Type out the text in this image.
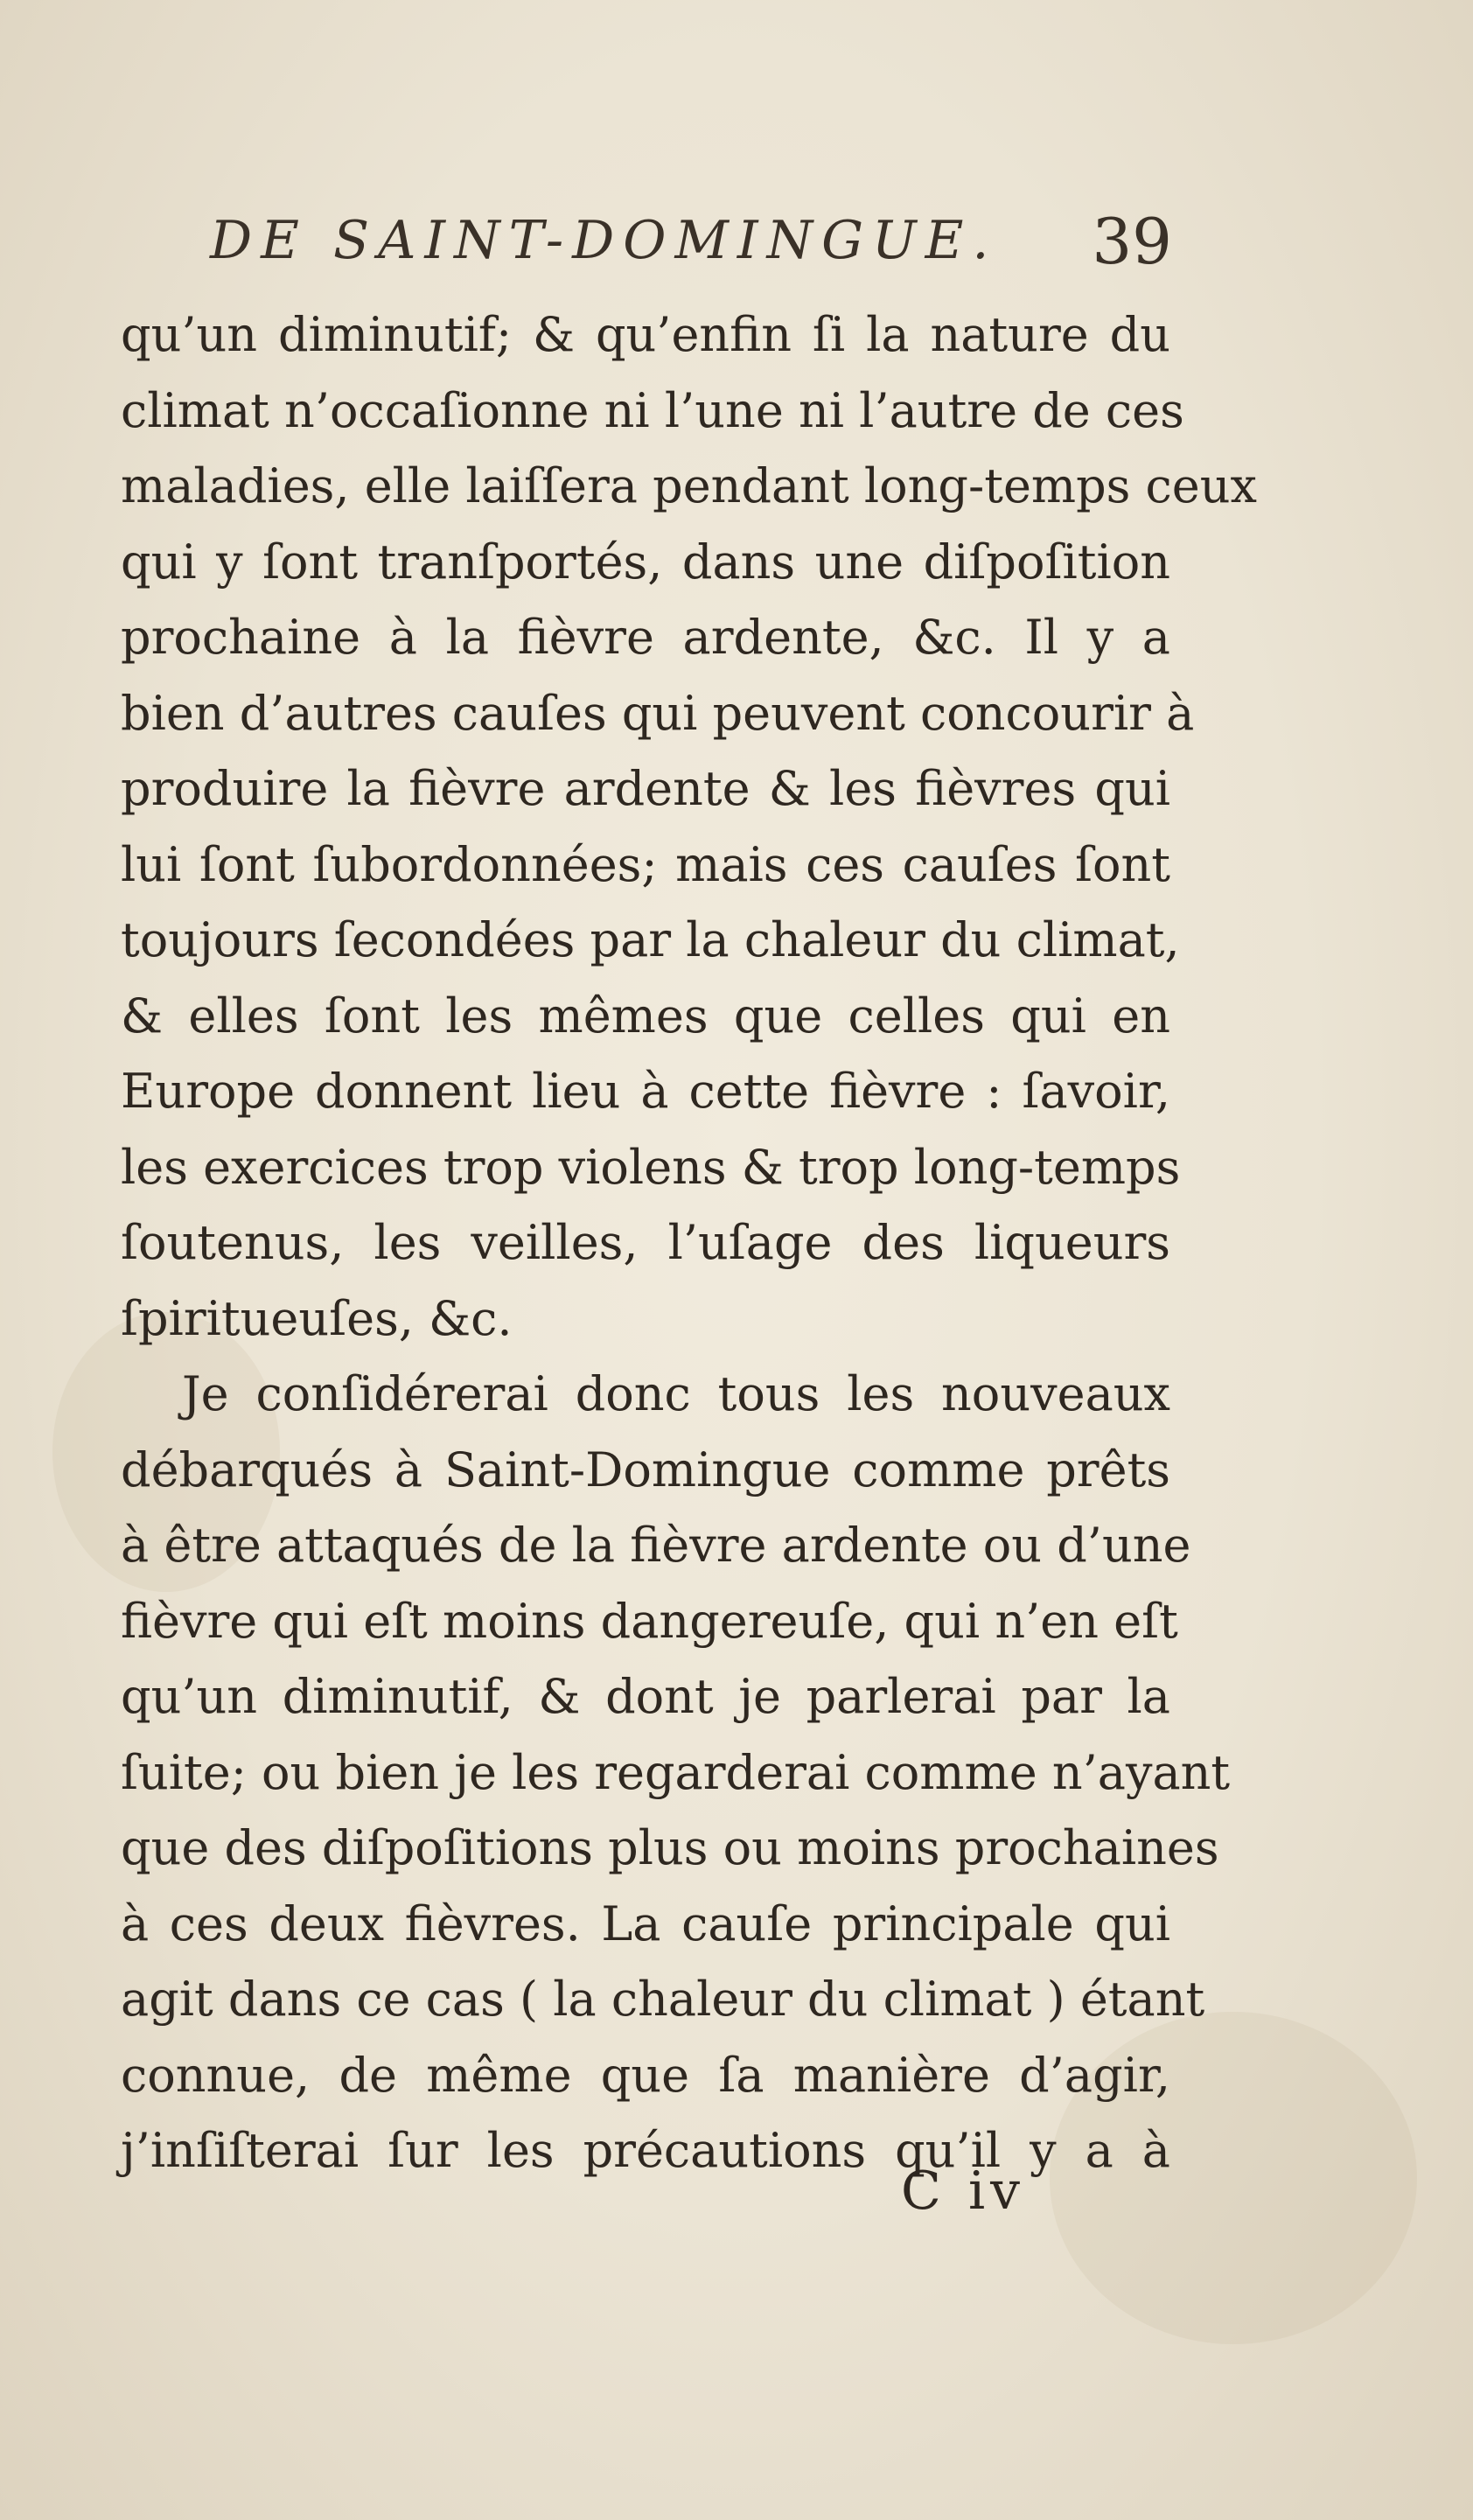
DE SAINT-DOMINGUE. 39
qu’un diminutif; & qu’enfin ſi la nature du
climat n’occaſionne ni l’une ni l’autre de ces
maladies, elle laiſſera pendant long-temps ceux
qui y ſont tranſportés, dans une diſpoſition
prochaine à la fièvre ardente, &c. Il y a
bien d’autres cauſes qui peuvent concourir à
produire la fièvre ardente & les fièvres qui
lui ſont ſubordonnées; mais ces cauſes ſont
toujours ſecondées par la chaleur du climat,
& elles ſont les mêmes que celles qui en
Europe donnent lieu à cette fièvre : ſavoir,
les exercices trop violens & trop long-temps
ſoutenus, les veilles, l’uſage des liqueurs
ſpiritueuſes, &c.
Je conſidérerai donc tous les nouveaux
débarqués à Saint-Domingue comme prêts
à être attaqués de la fièvre ardente ou d’une
fièvre qui eſt moins dangereuſe, qui n’en eſt
qu’un diminutif, & dont je parlerai par la
ſuite; ou bien je les regarderai comme n’ayant
que des diſpoſitions plus ou moins prochaines
à ces deux fièvres. La cauſe principale qui
agit dans ce cas ( la chaleur du climat ) étant
connue, de même que ſa manière d’agir,
j’inſiſterai ſur les précautions qu’il y a à
C iv
